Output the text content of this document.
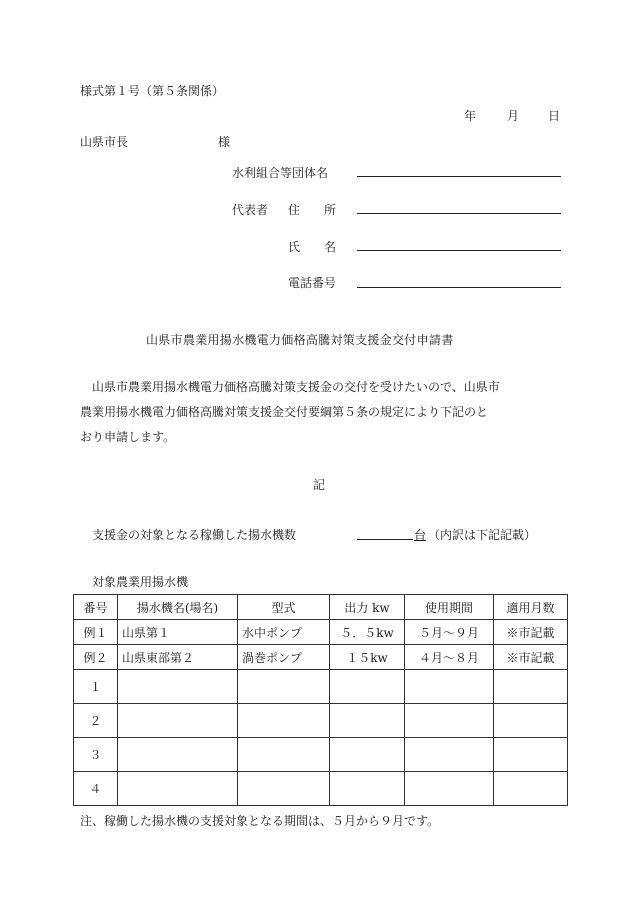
様式第１号（第５条関係）
年	月 日
山県市長	様
水利組合等団体名
代表者 住　　所
氏　　名
電話番号
山県市農業用揚水機電力価格高騰対策支援金交付申請書
山県市農業用揚水機電力価格高騰対策支援金の交付を受けたいので、山県市
農業用揚水機電力価格高騰対策支援金交付要綱第５条の規定により下記のと
おり申請します。
記
支援金の対象となる稼働した揚水機数	台 （内訳は下記記載）
対象農業用揚水機
番号	揚水機名(場名)	型式	出力 kw	使用期間	適用月数
例１	山県第１	水中ポンプ	５．５kw	５月～９月	※市記載
例２	山県東部第２	渦巻ポンプ	１５kw	４月～８月	※市記載
１					
２					
３					
４					
注、稼働した揚水機の支援対象となる期間は、５月から９月です。
